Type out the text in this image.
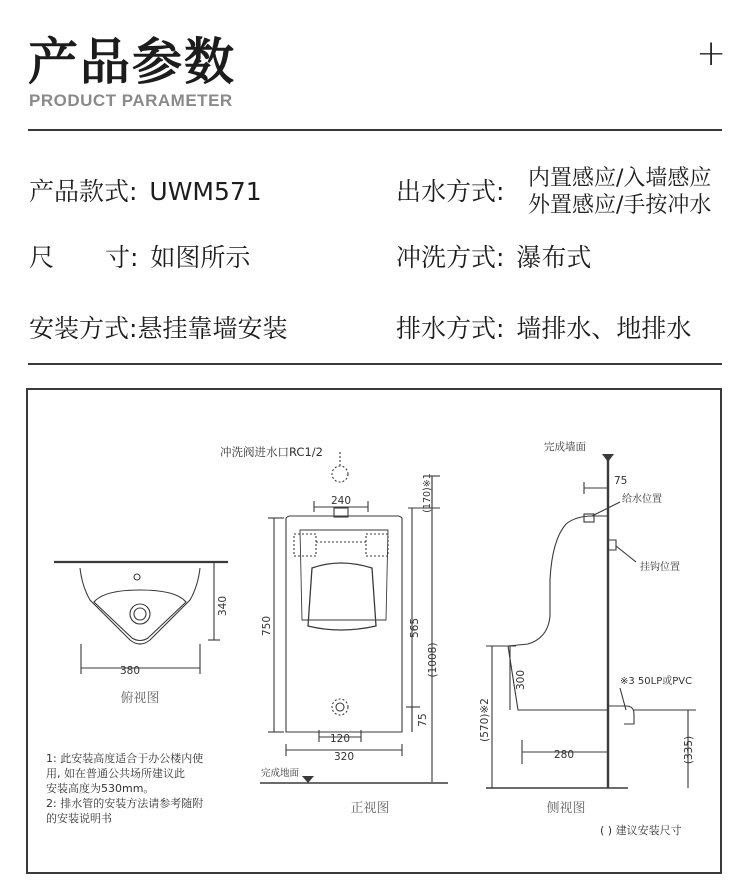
产品参数
PRODUCT PARAMETER
+
产品款式: UWM571
尺 寸: 如图所示
安装方式:悬挂靠墙安装
出水方式: 内置感应/入墙感应
外置感应/手按冲水
冲洗方式: 瀑布式
排水方式: 墙排水、地排水
380
340
俯视图
冲洗阀进水口RC1/2
240
750	565
(1008)
(170)※1
75
120
320
完成地面
正视图
完成墙面
75
给水位置
挂钩位置
※3 50LP或PVC
300
(570)※2
280	(335)
侧视图
1: 此安装高度适合于办公楼内使
用, 如在普通公共场所建议此
安装高度为530mm。
2: 排水管的安装方法请参考随附
的安装说明书
( ) 建议安装尺寸
